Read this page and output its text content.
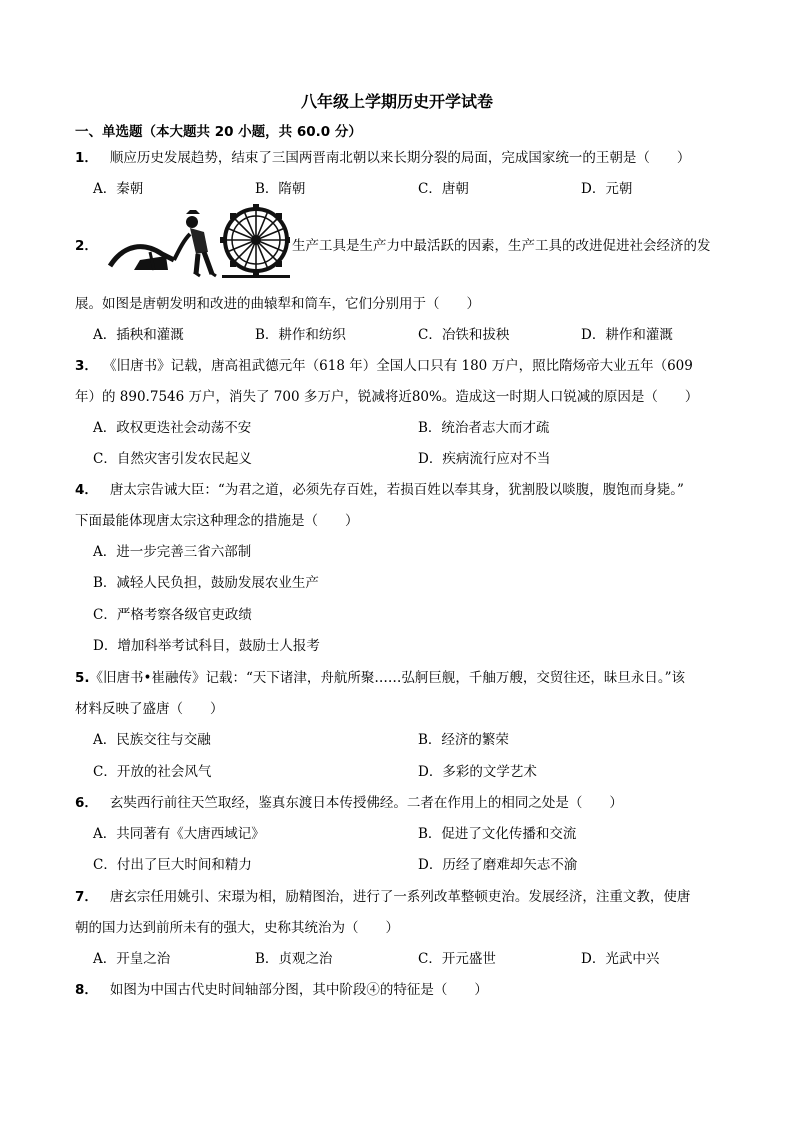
八年级上学期历史开学试卷
一、单选题（本大题共 20 小题，共 60.0 分）
1． 顺应历史发展趋势，结束了三国两晋南北朝以来长期分裂的局面，完成国家统一的王朝是（　　）
A．秦朝	B．隋朝	C．唐朝	D．元朝
2．	生产工具是生产力中最活跃的因素，生产工具的改进促进社会经济的发
展。如图是唐朝发明和改进的曲辕犁和筒车，它们分别用于（　　）
A．插秧和灌溉	B．耕作和纺织	C．冶铁和拔秧	D．耕作和灌溉
3． 《旧唐书》记载，唐高祖武德元年（618 年）全国人口只有 180 万户，照比隋炀帝大业五年（609
年）的 890.7546 万户，消失了 700 多万户，锐减将近80%。造成这一时期人口锐减的原因是（　　）
A．政权更迭社会动荡不安	B．统治者志大而才疏
C．自然灾害引发农民起义	D．疾病流行应对不当
4． 唐太宗告诫大臣：“为君之道，必须先存百姓，若损百姓以奉其身，犹割股以啖腹，腹饱而身毙。”
下面最能体现唐太宗这种理念的措施是（　　）
A．进一步完善三省六部制
B．减轻人民负担，鼓励发展农业生产
C．严格考察各级官吏政绩
D．增加科举考试科目，鼓励士人报考
5.《旧唐书•崔融传》记载：“天下诸津，舟航所聚……弘舸巨舰，千舳万艘，交贸往还，昧旦永日。”该
材料反映了盛唐（　　）
A．民族交往与交融	B．经济的繁荣
C．开放的社会风气	D．多彩的文学艺术
6． 玄奘西行前往天竺取经，鉴真东渡日本传授佛经。二者在作用上的相同之处是（　　）
A．共同著有《大唐西域记》	B．促进了文化传播和交流
C．付出了巨大时间和精力	D．历经了磨难却矢志不渝
7． 唐玄宗任用姚引、宋璟为相，励精图治，进行了一系列改革整顿吏治。发展经济，注重文教，使唐
朝的国力达到前所未有的强大，史称其统治为（　　）
A．开皇之治	B．贞观之治	C．开元盛世	D．光武中兴
8． 如图为中国古代史时间轴部分图，其中阶段④的特征是（　　）
